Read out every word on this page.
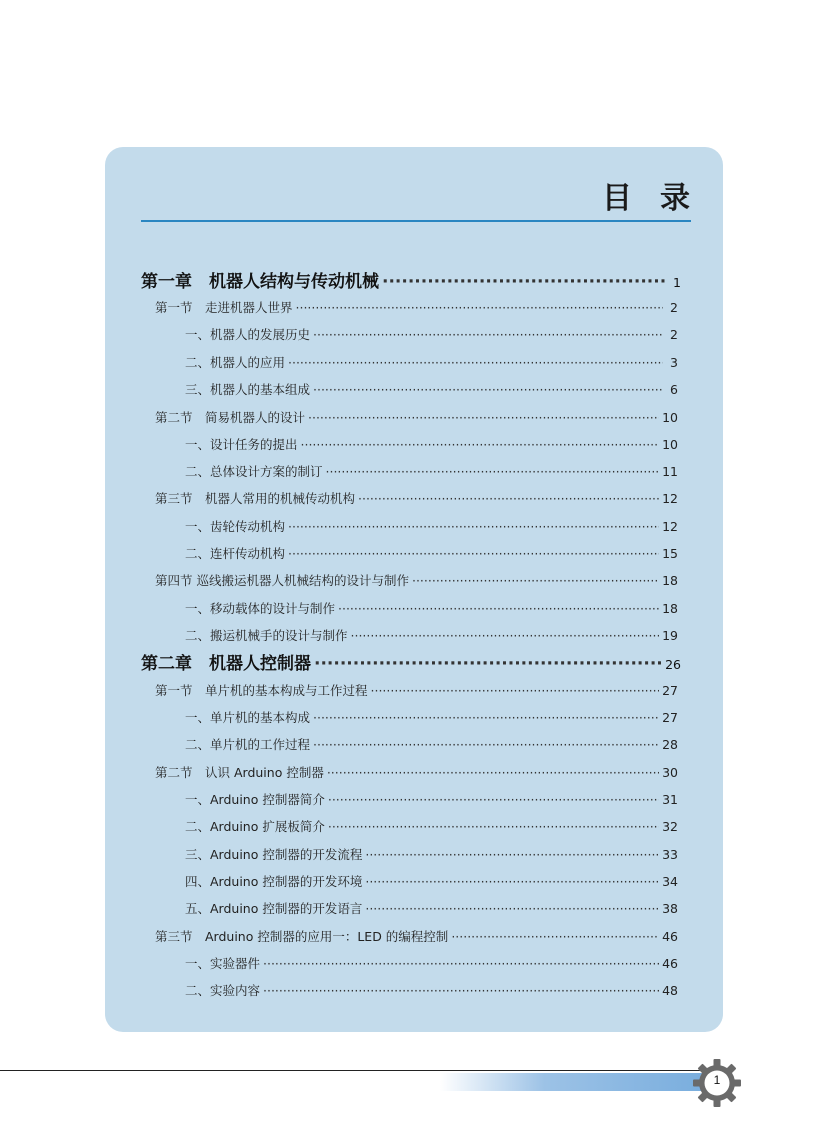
目录
第一章　机器人结构与传动机械 ·····	1
第一节　走进机器人世界 ·····	2
一、机器人的发展历史 ·····	2
二、机器人的应用 ·····	3
三、机器人的基本组成 ·····	6
第二节　简易机器人的设计 ·····	10
一、设计任务的提出 ·····	10
二、总体设计方案的制订 ·····	11
第三节　机器人常用的机械传动机构 ·····	12
一、齿轮传动机构 ·····	12
二、连杆传动机构 ·····	15
第四节 巡线搬运机器人机械结构的设计与制作 ·····	18
一、移动载体的设计与制作 ·····	18
二、搬运机械手的设计与制作 ·····	19
第二章　机器人控制器 ·····	26
第一节　单片机的基本构成与工作过程 ·····	27
一、单片机的基本构成 ·····	27
二、单片机的工作过程 ·····	28
第二节　认识 Arduino 控制器 ·····	30
一、Arduino 控制器简介 ·····	31
二、Arduino 扩展板简介 ·····	32
三、Arduino 控制器的开发流程 ·····	33
四、Arduino 控制器的开发环境 ·····	34
五、Arduino 控制器的开发语言 ·····	38
第三节　Arduino 控制器的应用一：LED 的编程控制 ·····	46
一、实验器件 ·····	46
二、实验内容 ·····	48
1
